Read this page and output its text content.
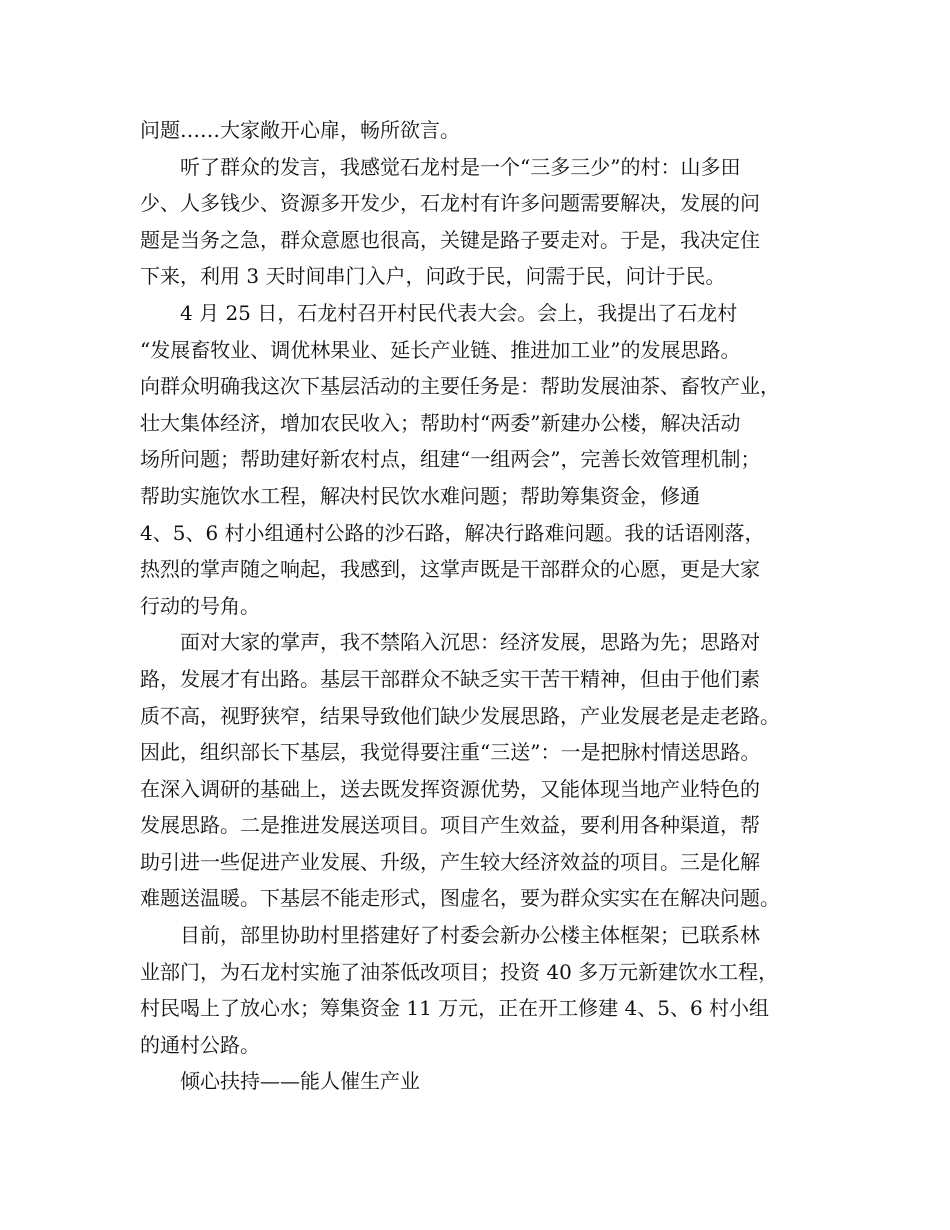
问题……大家敞开心扉，畅所欲言。
听了群众的发言，我感觉石龙村是一个“三多三少”的村：山多田
少、人多钱少、资源多开发少，石龙村有许多问题需要解决，发展的问
题是当务之急，群众意愿也很高，关键是路子要走对。于是，我决定住
下来，利用 3 天时间串门入户，问政于民，问需于民，问计于民。
4 月 25 日，石龙村召开村民代表大会。会上，我提出了石龙村
“发展畜牧业、调优林果业、延长产业链、推进加工业”的发展思路。
向群众明确我这次下基层活动的主要任务是：帮助发展油茶、畜牧产业，
壮大集体经济，增加农民收入；帮助村“两委”新建办公楼，解决活动
场所问题；帮助建好新农村点，组建“一组两会”，完善长效管理机制；
帮助实施饮水工程，解决村民饮水难问题；帮助筹集资金，修通
4、5、6 村小组通村公路的沙石路，解决行路难问题。我的话语刚落，
热烈的掌声随之响起，我感到，这掌声既是干部群众的心愿，更是大家
行动的号角。
面对大家的掌声，我不禁陷入沉思：经济发展，思路为先；思路对
路，发展才有出路。基层干部群众不缺乏实干苦干精神，但由于他们素
质不高，视野狭窄，结果导致他们缺少发展思路，产业发展老是走老路。
因此，组织部长下基层，我觉得要注重“三送”：一是把脉村情送思路。
在深入调研的基础上，送去既发挥资源优势，又能体现当地产业特色的
发展思路。二是推进发展送项目。项目产生效益，要利用各种渠道，帮
助引进一些促进产业发展、升级，产生较大经济效益的项目。三是化解
难题送温暖。下基层不能走形式，图虚名，要为群众实实在在解决问题。
目前，部里协助村里搭建好了村委会新办公楼主体框架；已联系林
业部门，为石龙村实施了油茶低改项目；投资 40 多万元新建饮水工程，
村民喝上了放心水；筹集资金 11 万元，正在开工修建 4、5、6 村小组
的通村公路。
倾心扶持——能人催生产业
